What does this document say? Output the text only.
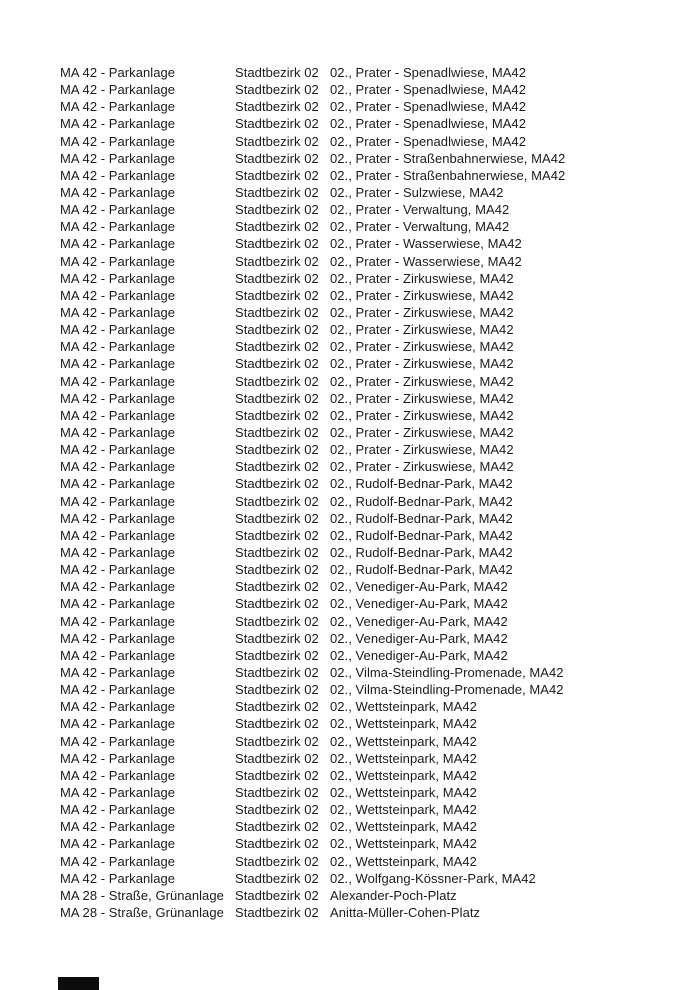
MA 42 - Parkanlage	Stadtbezirk 02 02., Prater - Spenadlwiese, MA42
MA 42 - Parkanlage	Stadtbezirk 02 02., Prater - Spenadlwiese, MA42
MA 42 - Parkanlage	Stadtbezirk 02 02., Prater - Spenadlwiese, MA42
MA 42 - Parkanlage	Stadtbezirk 02 02., Prater - Spenadlwiese, MA42
MA 42 - Parkanlage	Stadtbezirk 02 02., Prater - Spenadlwiese, MA42
MA 42 - Parkanlage	Stadtbezirk 02 02., Prater - Straßenbahnerwiese, MA42
MA 42 - Parkanlage	Stadtbezirk 02 02., Prater - Straßenbahnerwiese, MA42
MA 42 - Parkanlage	Stadtbezirk 02 02., Prater - Sulzwiese, MA42
MA 42 - Parkanlage	Stadtbezirk 02 02., Prater - Verwaltung, MA42
MA 42 - Parkanlage	Stadtbezirk 02 02., Prater - Verwaltung, MA42
MA 42 - Parkanlage	Stadtbezirk 02 02., Prater - Wasserwiese, MA42
MA 42 - Parkanlage	Stadtbezirk 02 02., Prater - Wasserwiese, MA42
MA 42 - Parkanlage	Stadtbezirk 02 02., Prater - Zirkuswiese, MA42
MA 42 - Parkanlage	Stadtbezirk 02 02., Prater - Zirkuswiese, MA42
MA 42 - Parkanlage	Stadtbezirk 02 02., Prater - Zirkuswiese, MA42
MA 42 - Parkanlage	Stadtbezirk 02 02., Prater - Zirkuswiese, MA42
MA 42 - Parkanlage	Stadtbezirk 02 02., Prater - Zirkuswiese, MA42
MA 42 - Parkanlage	Stadtbezirk 02 02., Prater - Zirkuswiese, MA42
MA 42 - Parkanlage	Stadtbezirk 02 02., Prater - Zirkuswiese, MA42
MA 42 - Parkanlage	Stadtbezirk 02 02., Prater - Zirkuswiese, MA42
MA 42 - Parkanlage	Stadtbezirk 02 02., Prater - Zirkuswiese, MA42
MA 42 - Parkanlage	Stadtbezirk 02 02., Prater - Zirkuswiese, MA42
MA 42 - Parkanlage	Stadtbezirk 02 02., Prater - Zirkuswiese, MA42
MA 42 - Parkanlage	Stadtbezirk 02 02., Prater - Zirkuswiese, MA42
MA 42 - Parkanlage	Stadtbezirk 02 02., Rudolf-Bednar-Park, MA42
MA 42 - Parkanlage	Stadtbezirk 02 02., Rudolf-Bednar-Park, MA42
MA 42 - Parkanlage	Stadtbezirk 02 02., Rudolf-Bednar-Park, MA42
MA 42 - Parkanlage	Stadtbezirk 02 02., Rudolf-Bednar-Park, MA42
MA 42 - Parkanlage	Stadtbezirk 02 02., Rudolf-Bednar-Park, MA42
MA 42 - Parkanlage	Stadtbezirk 02 02., Rudolf-Bednar-Park, MA42
MA 42 - Parkanlage	Stadtbezirk 02 02., Venediger-Au-Park, MA42
MA 42 - Parkanlage	Stadtbezirk 02 02., Venediger-Au-Park, MA42
MA 42 - Parkanlage	Stadtbezirk 02 02., Venediger-Au-Park, MA42
MA 42 - Parkanlage	Stadtbezirk 02 02., Venediger-Au-Park, MA42
MA 42 - Parkanlage	Stadtbezirk 02 02., Venediger-Au-Park, MA42
MA 42 - Parkanlage	Stadtbezirk 02 02., Vilma-Steindling-Promenade, MA42
MA 42 - Parkanlage	Stadtbezirk 02 02., Vilma-Steindling-Promenade, MA42
MA 42 - Parkanlage	Stadtbezirk 02 02., Wettsteinpark, MA42
MA 42 - Parkanlage	Stadtbezirk 02 02., Wettsteinpark, MA42
MA 42 - Parkanlage	Stadtbezirk 02 02., Wettsteinpark, MA42
MA 42 - Parkanlage	Stadtbezirk 02 02., Wettsteinpark, MA42
MA 42 - Parkanlage	Stadtbezirk 02 02., Wettsteinpark, MA42
MA 42 - Parkanlage	Stadtbezirk 02 02., Wettsteinpark, MA42
MA 42 - Parkanlage	Stadtbezirk 02 02., Wettsteinpark, MA42
MA 42 - Parkanlage	Stadtbezirk 02 02., Wettsteinpark, MA42
MA 42 - Parkanlage	Stadtbezirk 02 02., Wettsteinpark, MA42
MA 42 - Parkanlage	Stadtbezirk 02 02., Wettsteinpark, MA42
MA 42 - Parkanlage	Stadtbezirk 02 02., Wolfgang-Kössner-Park, MA42
MA 28 - Straße, Grünanlage Stadtbezirk 02 Alexander-Poch-Platz
MA 28 - Straße, Grünanlage Stadtbezirk 02 Anitta-Müller-Cohen-Platz
